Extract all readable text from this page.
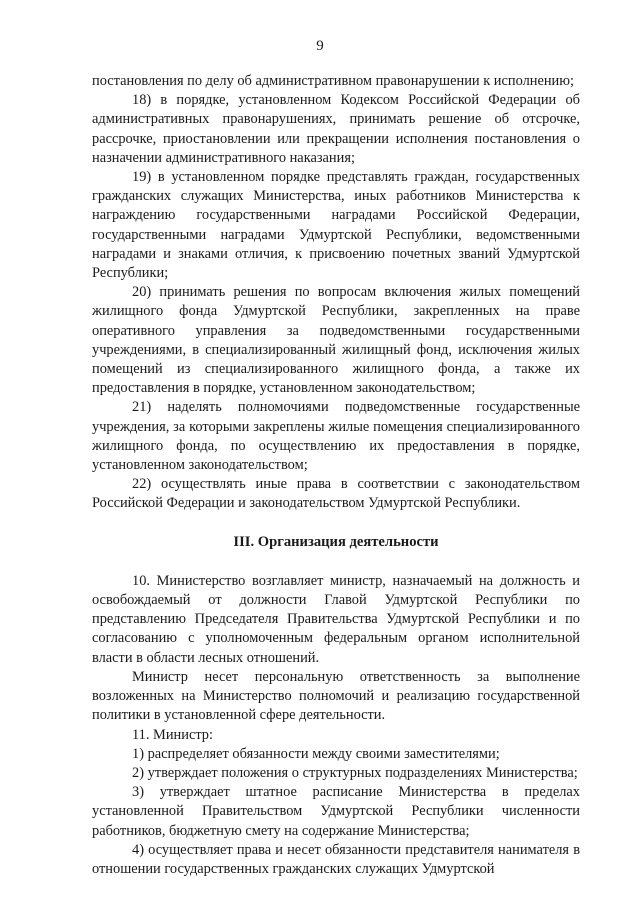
9

постановления по делу об административном правонарушении к исполнению;

18) в порядке, установленном Кодексом Российской Федерации об административных правонарушениях, принимать решение об отсрочке, рассрочке, приостановлении или прекращении исполнения постановления о назначении административного наказания;

19) в установленном порядке представлять граждан, государственных гражданских служащих Министерства, иных работников Министерства к награждению государственными наградами Российской Федерации, государственными наградами Удмуртской Республики, ведомственными наградами и знаками отличия, к присвоению почетных званий Удмуртской Республики;

20) принимать решения по вопросам включения жилых помещений жилищного фонда Удмуртской Республики, закрепленных на праве оперативного управления за подведомственными государственными учреждениями, в специализированный жилищный фонд, исключения жилых помещений из специализированного жилищного фонда, а также их предоставления в порядке, установленном законодательством;

21) наделять полномочиями подведомственные государственные учреждения, за которыми закреплены жилые помещения специализированного жилищного фонда, по осуществлению их предоставления в порядке, установленном законодательством;

22) осуществлять иные права в соответствии с законодательством Российской Федерации и законодательством Удмуртской Республики.

III. Организация деятельности

10. Министерство возглавляет министр, назначаемый на должность и освобождаемый от должности Главой Удмуртской Республики по представлению Председателя Правительства Удмуртской Республики и по согласованию с уполномоченным федеральным органом исполнительной власти в области лесных отношений.

Министр несет персональную ответственность за выполнение возложенных на Министерство полномочий и реализацию государственной политики в установленной сфере деятельности.

11. Министр:

1) распределяет обязанности между своими заместителями;

2) утверждает положения о структурных подразделениях Министерства;

3) утверждает штатное расписание Министерства в пределах установленной Правительством Удмуртской Республики численности работников, бюджетную смету на содержание Министерства;

4) осуществляет права и несет обязанности представителя нанимателя в отношении государственных гражданских служащих Удмуртской
